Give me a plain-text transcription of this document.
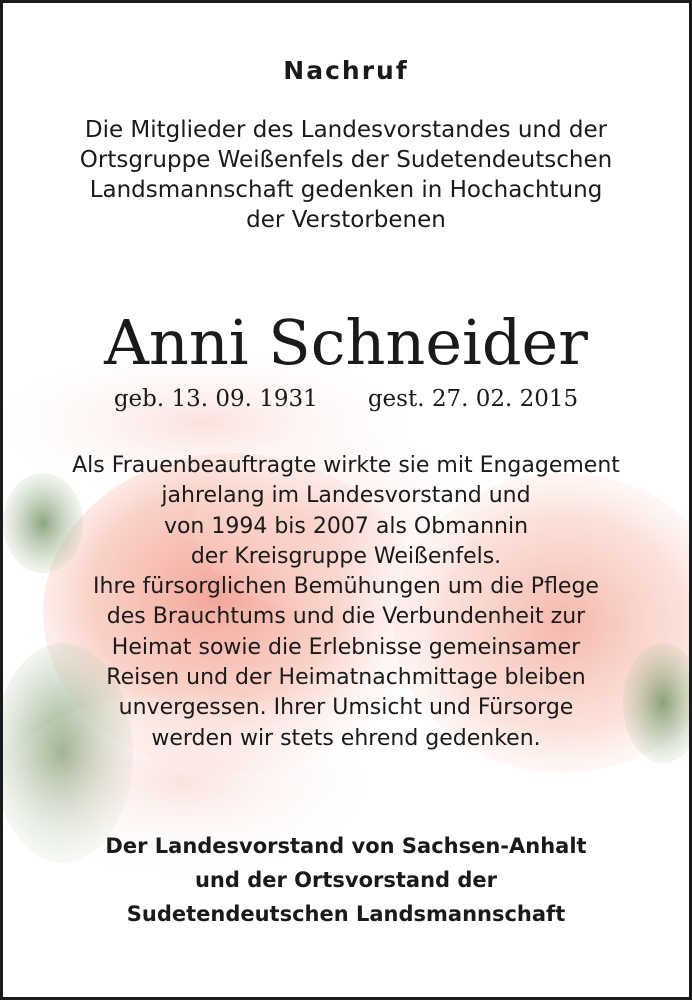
Nachruf
Die Mitglieder des Landesvorstandes und der
Ortsgruppe Weißenfels der Sudetendeutschen
Landsmannschaft gedenken in Hochachtung
der Verstorbenen
Anni Schneider
geb. 13. 09. 1931 gest. 27. 02. 2015
Als Frauenbeauftragte wirkte sie mit Engagement
jahrelang im Landesvorstand und
von 1994 bis 2007 als Obmannin
der Kreisgruppe Weißenfels.
Ihre fürsorglichen Bemühungen um die Pflege
des Brauchtums und die Verbundenheit zur
Heimat sowie die Erlebnisse gemeinsamer
Reisen und der Heimatnachmittage bleiben
unvergessen. Ihrer Umsicht und Fürsorge
werden wir stets ehrend gedenken.
Der Landesvorstand von Sachsen-Anhalt
und der Ortsvorstand der
Sudetendeutschen Landsmannschaft
